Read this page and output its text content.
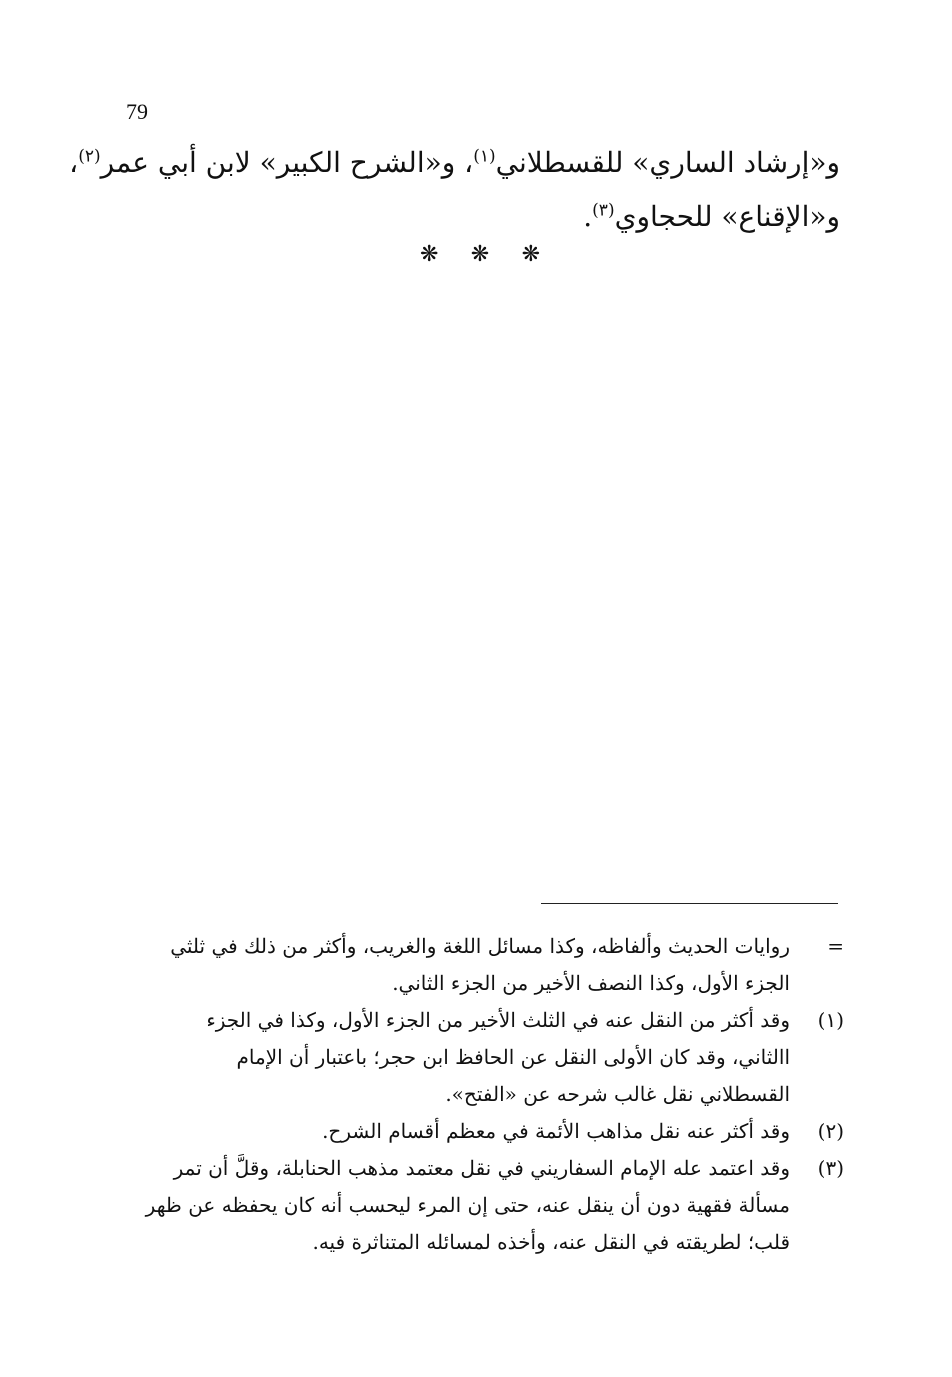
79
و«إرشاد الساري» للقسطلاني$^{(١)}$، و«الشرح الكبير» لابن أبي عمر$^{(٢)}$،
و«الإقناع» للحجاوي$^{(٣)}$.
❋ ❋ ❋
=
روايات الحديث وألفاظه، وكذا مسائل اللغة والغريب، وأكثر من ذلك في ثلثي
الجزء الأول، وكذا النصف الأخير من الجزء الثاني.
(١)
وقد أكثر من النقل عنه في الثلث الأخير من الجزء الأول، وكذا في الجزء
االثاني، وقد كان الأولى النقل عن الحافظ ابن حجر؛ باعتبار أن الإمام
القسطلاني نقل غالب شرحه عن «الفتح».
(٢)
وقد أكثر عنه نقل مذاهب الأئمة في معظم أقسام الشرح.
(٣)
وقد اعتمد عله الإمام السفاريني في نقل معتمد مذهب الحنابلة، وقلَّ أن تمر
مسألة فقهية دون أن ينقل عنه، حتى إن المرء ليحسب أنه كان يحفظه عن ظهر
قلب؛ لطريقته في النقل عنه، وأخذه لمسائله المتناثرة فيه.
